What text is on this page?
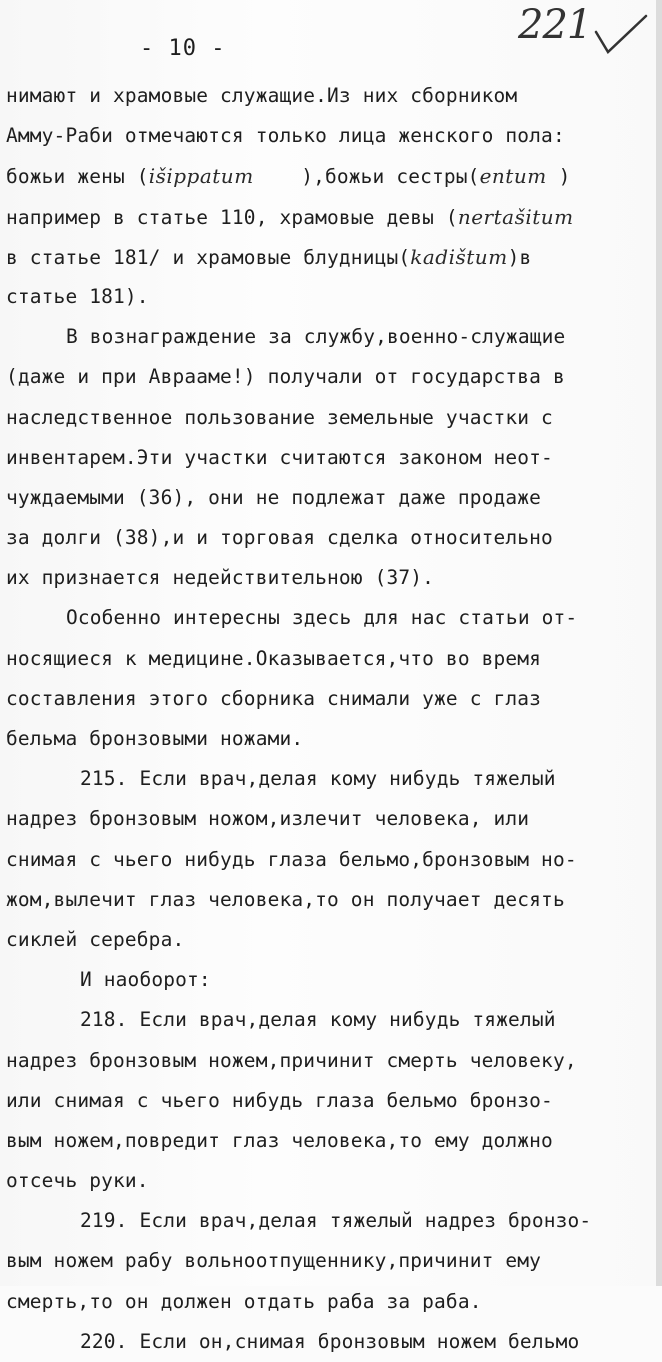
- 10 -
221
нимают и храмовые служащие.Из них сборником
Амму-Раби отмечаются только лица женского пола:
божьи жены (išippatum ),божьи сестры(entum )
например в статье 110, храмовые девы (nertašitum
в статье 181/ и храмовые блудницы(kadištum)в
статье 181).
В вознаграждение за службу,военно-служащие
(даже и при Аврааме!) получали от государства в
наследственное пользование земельные участки с
инвентарем.Эти участки считаются законом неот-
чуждаемыми (36), они не подлежат даже продаже
за долги (38),и и торговая сделка относительно
их признается недействительною (37).
Особенно интересны здесь для нас статьи от-
носящиеся к медицине.Оказывается,что во время
составления этого сборника снимали уже с глаз
бельма бронзовыми ножами.
215. Если врач,делая кому нибудь тяжелый
надрез бронзовым ножом,излечит человека, или
снимая с чьего нибудь глаза бельмо,бронзовым но-
жом,вылечит глаз человека,то он получает десять
сиклей серебра.
И наоборот:
218. Если врач,делая кому нибудь тяжелый
надрез бронзовым ножем,причинит смерть человеку,
или снимая с чьего нибудь глаза бельмо бронзо-
вым ножем,повредит глаз человека,то ему должно
отсечь руки.
219. Если врач,делая тяжелый надрез бронзо-
вым ножем рабу вольноотпущеннику,причинит ему
смерть,то он должен отдать раба за раба.
220. Если он,снимая бронзовым ножем бельмо
